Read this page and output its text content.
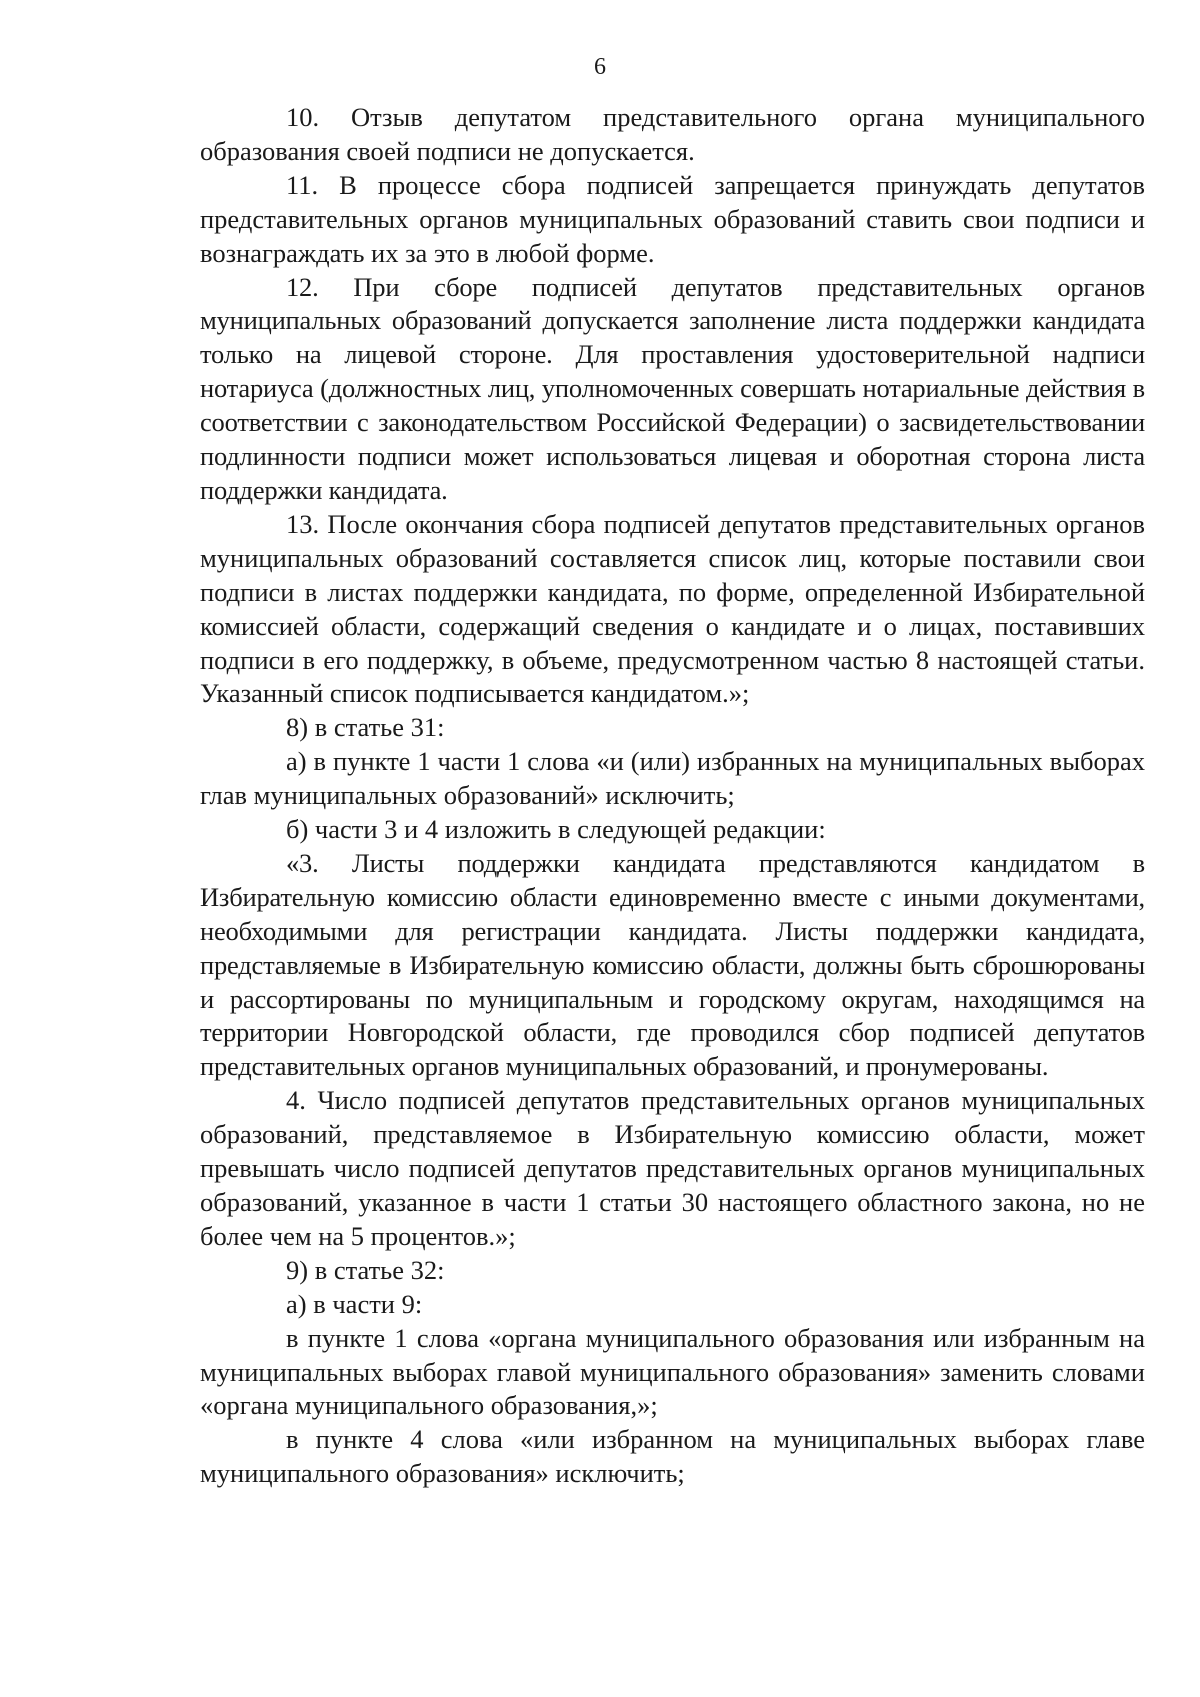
6

10. Отзыв депутатом представительного органа муниципального образования своей подписи не допускается.

11. В процессе сбора подписей запрещается принуждать депутатов представительных органов муниципальных образований ставить свои подписи и вознаграждать их за это в любой форме.

12. При сборе подписей депутатов представительных органов муниципальных образований допускается заполнение листа поддержки кандидата только на лицевой стороне. Для проставления удостоверительной надписи нотариуса (должностных лиц, уполномоченных совершать нотариальные действия в соответствии с законодательством Российской Федерации) о засвидетельствовании подлинности подписи может использоваться лицевая и оборотная сторона листа поддержки кандидата.

13. После окончания сбора подписей депутатов представительных органов муниципальных образований составляется список лиц, которые поставили свои подписи в листах поддержки кандидата, по форме, определенной Избирательной комиссией области, содержащий сведения о кандидате и о лицах, поставивших подписи в его поддержку, в объеме, предусмотренном частью 8 настоящей статьи. Указанный список подписывается кандидатом.»;

8) в статье 31:

а) в пункте 1 части 1 слова «и (или) избранных на муниципальных выборах глав муниципальных образований» исключить;

б) части 3 и 4 изложить в следующей редакции:

«3. Листы поддержки кандидата представляются кандидатом в Избирательную комиссию области единовременно вместе с иными документами, необходимыми для регистрации кандидата. Листы поддержки кандидата, представляемые в Избирательную комиссию области, должны быть сброшюрованы и рассортированы по муниципальным и городскому округам, находящимся на территории Новгородской области, где проводился сбор подписей депутатов представительных органов муниципальных образований, и пронумерованы.

4. Число подписей депутатов представительных органов муниципальных образований, представляемое в Избирательную комиссию области, может превышать число подписей депутатов представительных органов муниципальных образований, указанное в части 1 статьи 30 настоящего областного закона, но не более чем на 5 процентов.»;

9) в статье 32:

а) в части 9:

в пункте 1 слова «органа муниципального образования или избранным на муниципальных выборах главой муниципального образования» заменить словами «органа муниципального образования,»;

в пункте 4 слова «или избранном на муниципальных выборах главе муниципального образования» исключить;
